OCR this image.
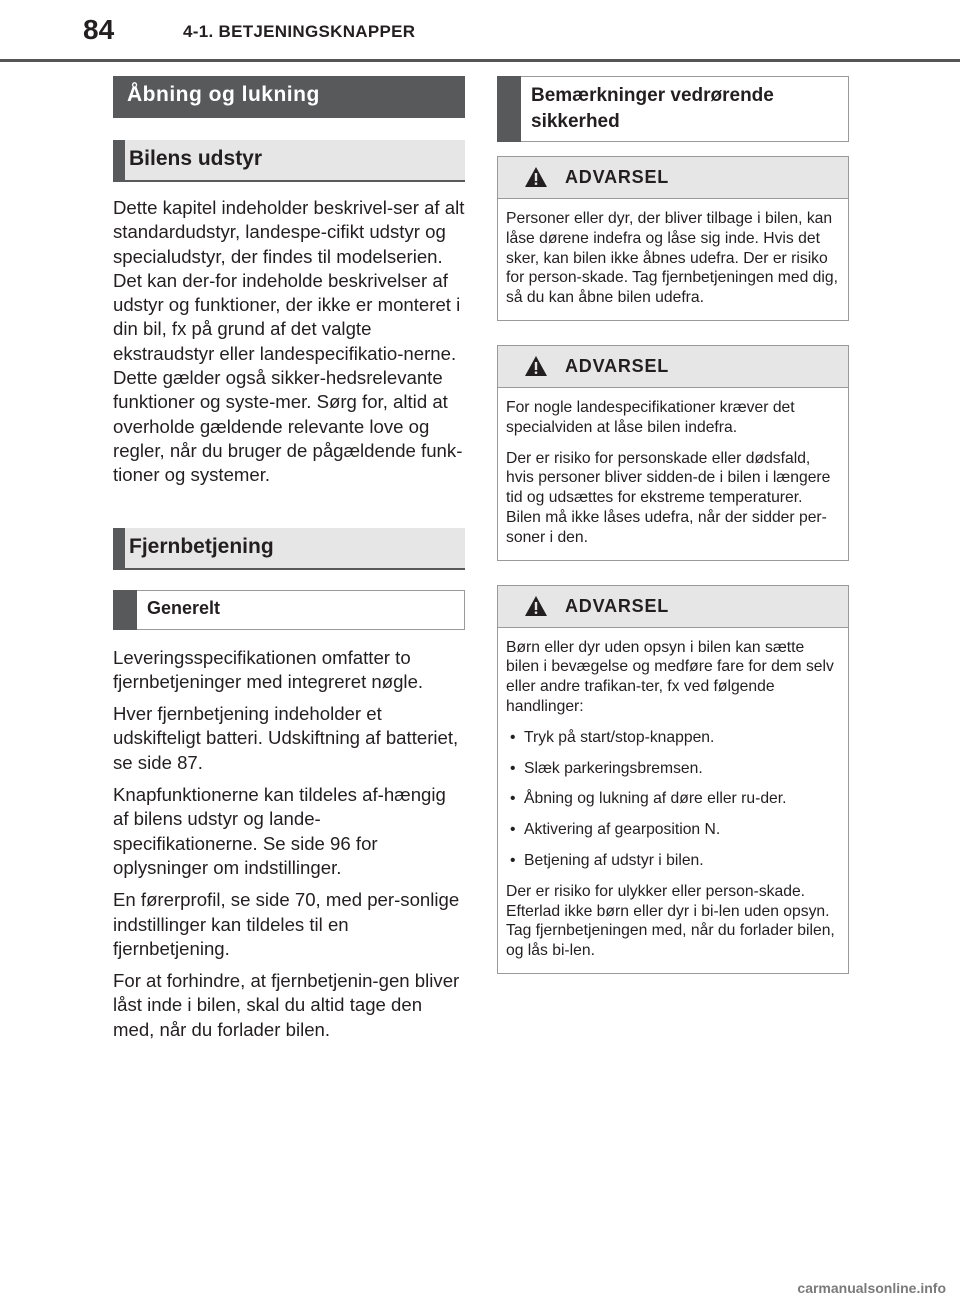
84	4-1. BETJENINGSKNAPPER
Åbning og lukning
Bilens udstyr

Dette kapitel indeholder beskrivel-ser af alt standardudstyr, landespe-cifikt udstyr og specialudstyr, der findes til modelserien. Det kan der-for indeholde beskrivelser af udstyr og funktioner, der ikke er monteret i din bil, fx på grund af det valgte ekstraudstyr eller landespecifikatio-nerne. Dette gælder også sikker-hedsrelevante funktioner og syste-mer. Sørg for, altid at overholde gældende relevante love og regler, når du bruger de pågældende funk-tioner og systemer.

Fjernbetjening
Generelt

Leveringsspecifikationen omfatter to fjernbetjeninger med integreret nøgle.

Hver fjernbetjening indeholder et udskifteligt batteri. Udskiftning af batteriet, se side 87.

Knapfunktionerne kan tildeles af-hængig af bilens udstyr og lande-specifikationerne. Se side 96 for oplysninger om indstillinger.

En førerprofil, se side 70, med per-sonlige indstillinger kan tildeles til en fjernbetjening.

For at forhindre, at fjernbetjenin-gen bliver låst inde i bilen, skal du altid tage den med, når du forlader bilen.

Bemærkninger vedrørende sikkerhed
ADVARSEL

Personer eller dyr, der bliver tilbage i bilen, kan låse dørene indefra og låse sig inde. Hvis det sker, kan bilen ikke åbnes udefra. Der er risiko for person-skade. Tag fjernbetjeningen med dig, så du kan åbne bilen udefra.

ADVARSEL

For nogle landespecifikationer kræver det specialviden at låse bilen indefra.

Der er risiko for personskade eller dødsfald, hvis personer bliver sidden-de i bilen i længere tid og udsættes for ekstreme temperaturer. Bilen må ikke låses udefra, når der sidder per-soner i den.

ADVARSEL

Børn eller dyr uden opsyn i bilen kan sætte bilen i bevægelse og medføre fare for dem selv eller andre trafikan-ter, fx ved følgende handlinger:

• Tryk på start/stop-knappen.

• Slæk parkeringsbremsen.

• Åbning og lukning af døre eller ru-der.

• Aktivering af gearposition N.

• Betjening af udstyr i bilen.

Der er risiko for ulykker eller person-skade. Efterlad ikke børn eller dyr i bi-len uden opsyn. Tag fjernbetjeningen med, når du forlader bilen, og lås bi-len.

carmanualsonline.info
